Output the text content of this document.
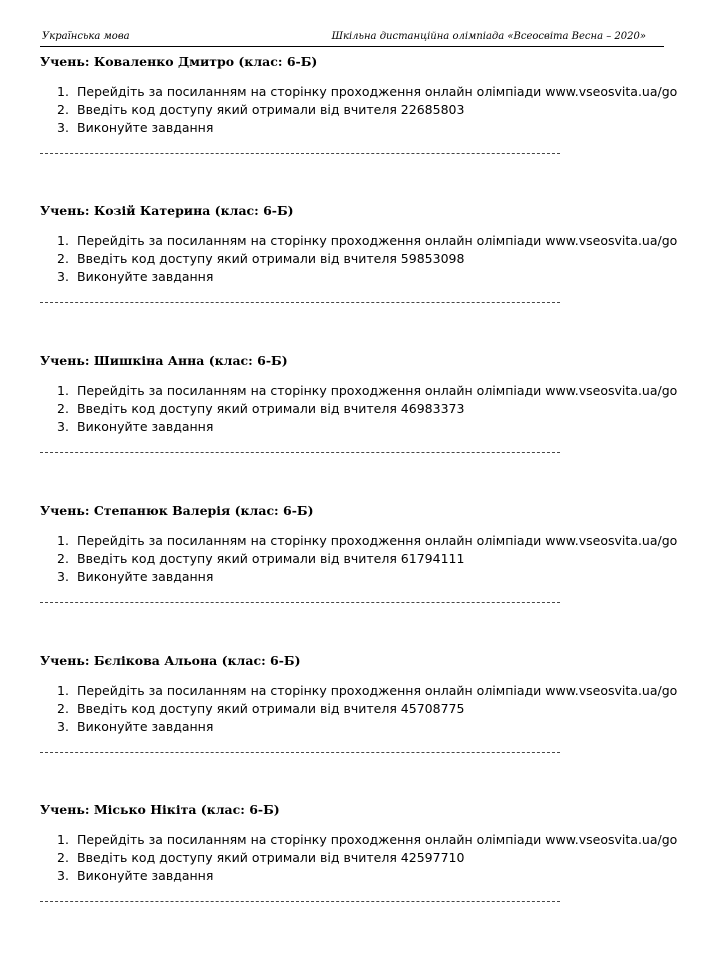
Українська мова	Шкільна дистанційна олімпіада «Всеосвіта Весна – 2020»
Учень: Коваленко Дмитро (клас: 6-Б)
1. Перейдіть за посиланням на сторінку проходження онлайн олімпіади www.vseosvita.ua/go
2. Введіть код доступу який отримали від вчителя 22685803
3. Виконуйте завдання
Учень: Козій Катерина (клас: 6-Б)
1. Перейдіть за посиланням на сторінку проходження онлайн олімпіади www.vseosvita.ua/go
2. Введіть код доступу який отримали від вчителя 59853098
3. Виконуйте завдання
Учень: Шишкіна Анна (клас: 6-Б)
1. Перейдіть за посиланням на сторінку проходження онлайн олімпіади www.vseosvita.ua/go
2. Введіть код доступу який отримали від вчителя 46983373
3. Виконуйте завдання
Учень: Степанюк Валерія (клас: 6-Б)
1. Перейдіть за посиланням на сторінку проходження онлайн олімпіади www.vseosvita.ua/go
2. Введіть код доступу який отримали від вчителя 61794111
3. Виконуйте завдання
Учень: Бєлікова Альона (клас: 6-Б)
1. Перейдіть за посиланням на сторінку проходження онлайн олімпіади www.vseosvita.ua/go
2. Введіть код доступу який отримали від вчителя 45708775
3. Виконуйте завдання
Учень: Місько Нікіта (клас: 6-Б)
1. Перейдіть за посиланням на сторінку проходження онлайн олімпіади www.vseosvita.ua/go
2. Введіть код доступу який отримали від вчителя 42597710
3. Виконуйте завдання
